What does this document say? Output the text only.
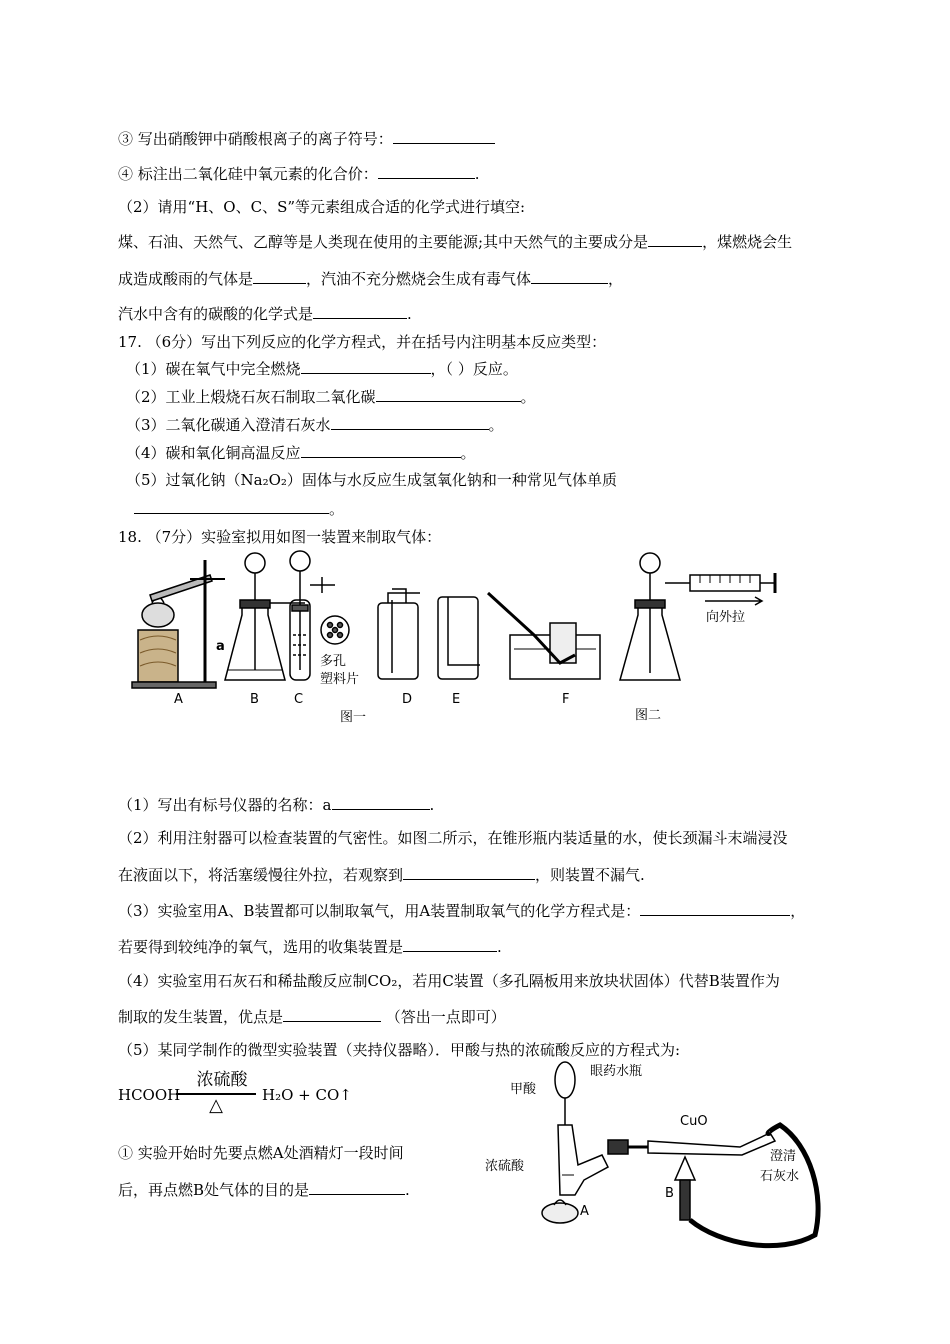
③ 写出硝酸钾中硝酸根离子的离子符号：
④ 标注出二氧化硅中氧元素的化合价：	.
（2）请用“H、O、C、S”等元素组成合适的化学式进行填空:
煤、石油、天然气、乙醇等是人类现在使用的主要能源;其中天然气的主要成分是	，煤燃烧会生
成造成酸雨的气体是	，汽油不充分燃烧会生成有毒气体	，
汽水中含有的碳酸的化学式是	.
17. （6分）写出下列反应的化学方程式，并在括号内注明基本反应类型：
（1）碳在氧气中完全燃烧	，（ ）反应。
（2）工业上煅烧石灰石制取二氧化碳	。
（3）二氧化碳通入澄清石灰水	。
（4）碳和氧化铜高温反应	。
（5）过氧化钠（Na₂O₂）固体与水反应生成氢氧化钠和一种常见气体单质
。
18. （7分）实验室拟用如图一装置来制取气体：
A	B	C	D	E	F
a
多孔
塑料片
图一
向外拉
图二
（1）写出有标号仪器的名称：a	.
（2）利用注射器可以检查装置的气密性。如图二所示，在锥形瓶内装适量的水，使长颈漏斗末端浸没
在液面以下，将活塞缓慢往外拉，若观察到	，则装置不漏气.
（3）实验室用A、B装置都可以制取氧气，用A装置制取氧气的化学方程式是：	，
若要得到较纯净的氧气，选用的收集装置是	.
（4）实验室用石灰石和稀盐酸反应制CO₂，若用C装置（多孔隔板用来放块状固体）代替B装置作为
制取的发生装置，优点是	（答出一点即可）
（5）某同学制作的微型实验装置（夹持仪器略）．甲酸与热的浓硫酸反应的方程式为:
HCOOH
浓硫酸
△	H₂O + CO↑
① 实验开始时先要点燃A处酒精灯一段时间
后，再点燃B处气体的目的是	.
甲酸
眼药水瓶
CuO
浓硫酸
澄清
石灰水
A
B
